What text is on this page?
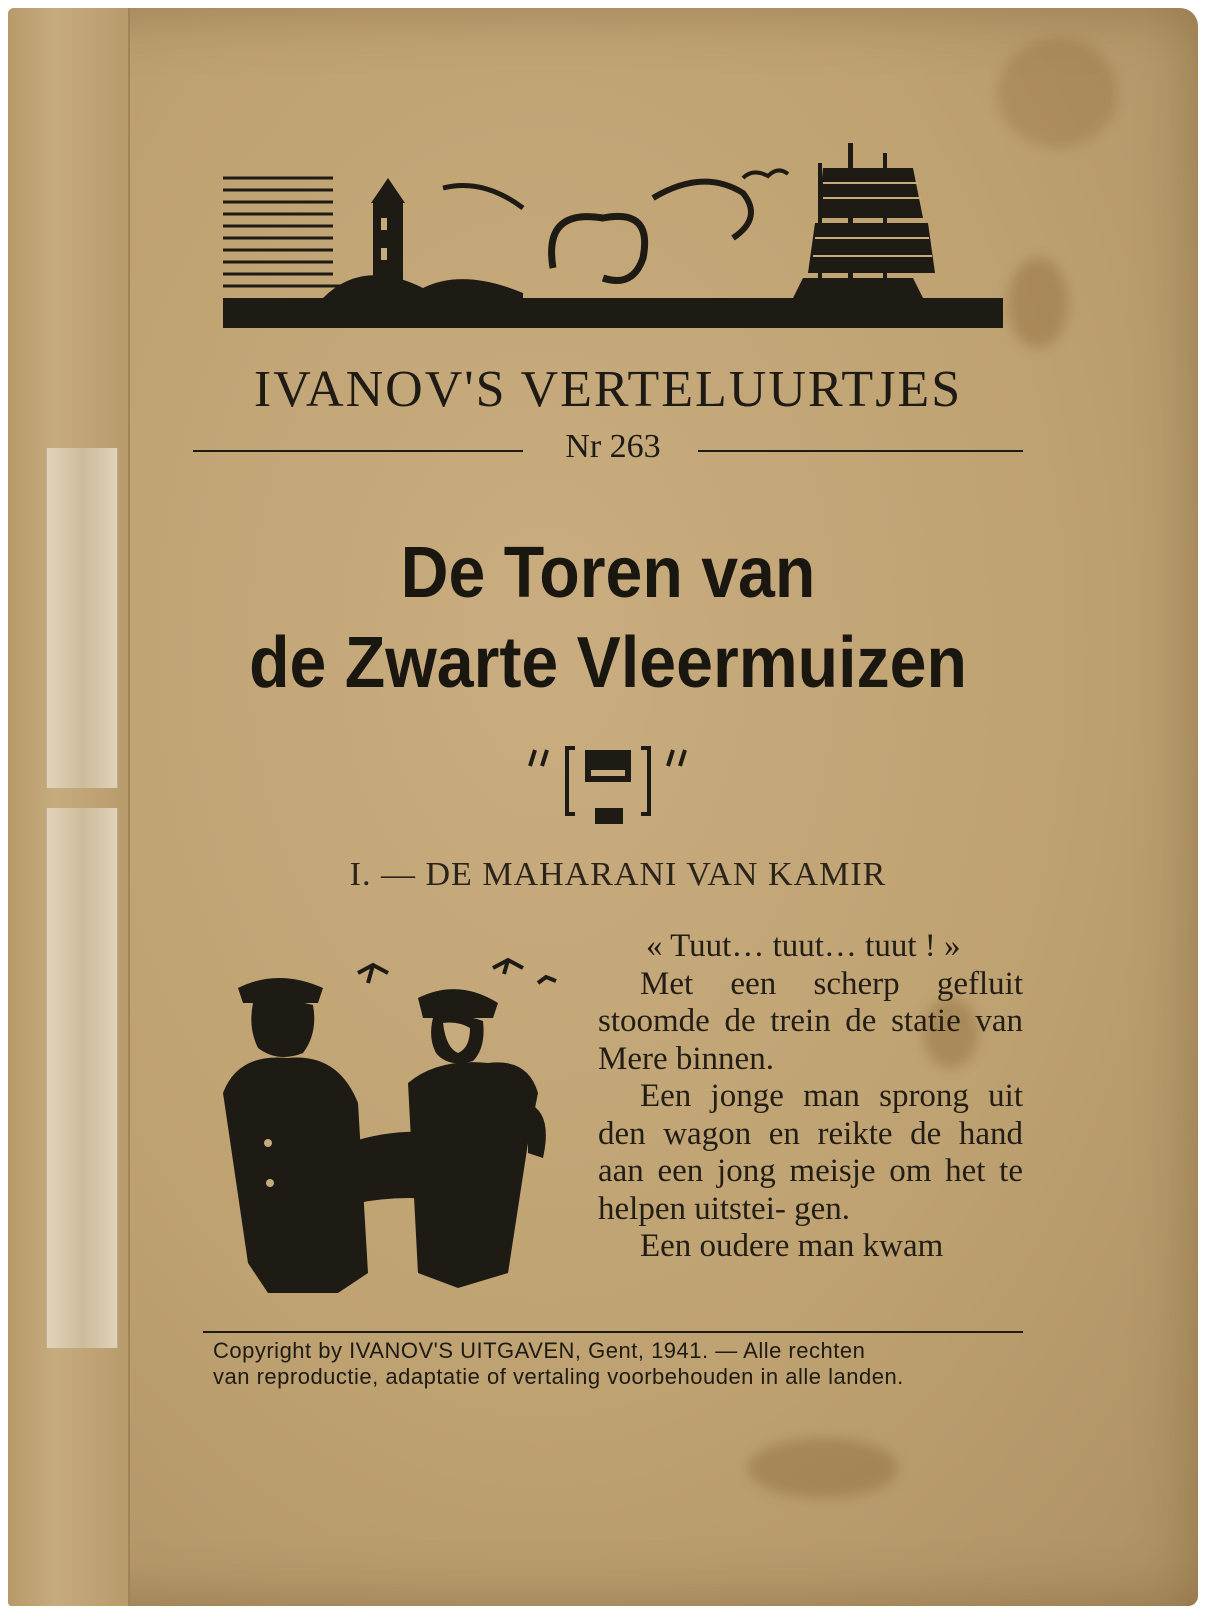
IVANOV'S VERTELUURTJES
Nr 263
De Toren van
de Zwarte Vleermuizen
I. — DE MAHARANI VAN KAMIR

« Tuut… tuut… tuut ! »

Met een scherp gefluit stoomde de trein de statie van Mere binnen.

Een jonge man sprong uit den wagon en reikte de hand aan een jong meisje om het te helpen uitstei- gen.

Een oudere man kwam

Copyright by IVANOV'S UITGAVEN, Gent, 1941. — Alle rechten
van reproductie, adaptatie of vertaling voorbehouden in alle landen.
